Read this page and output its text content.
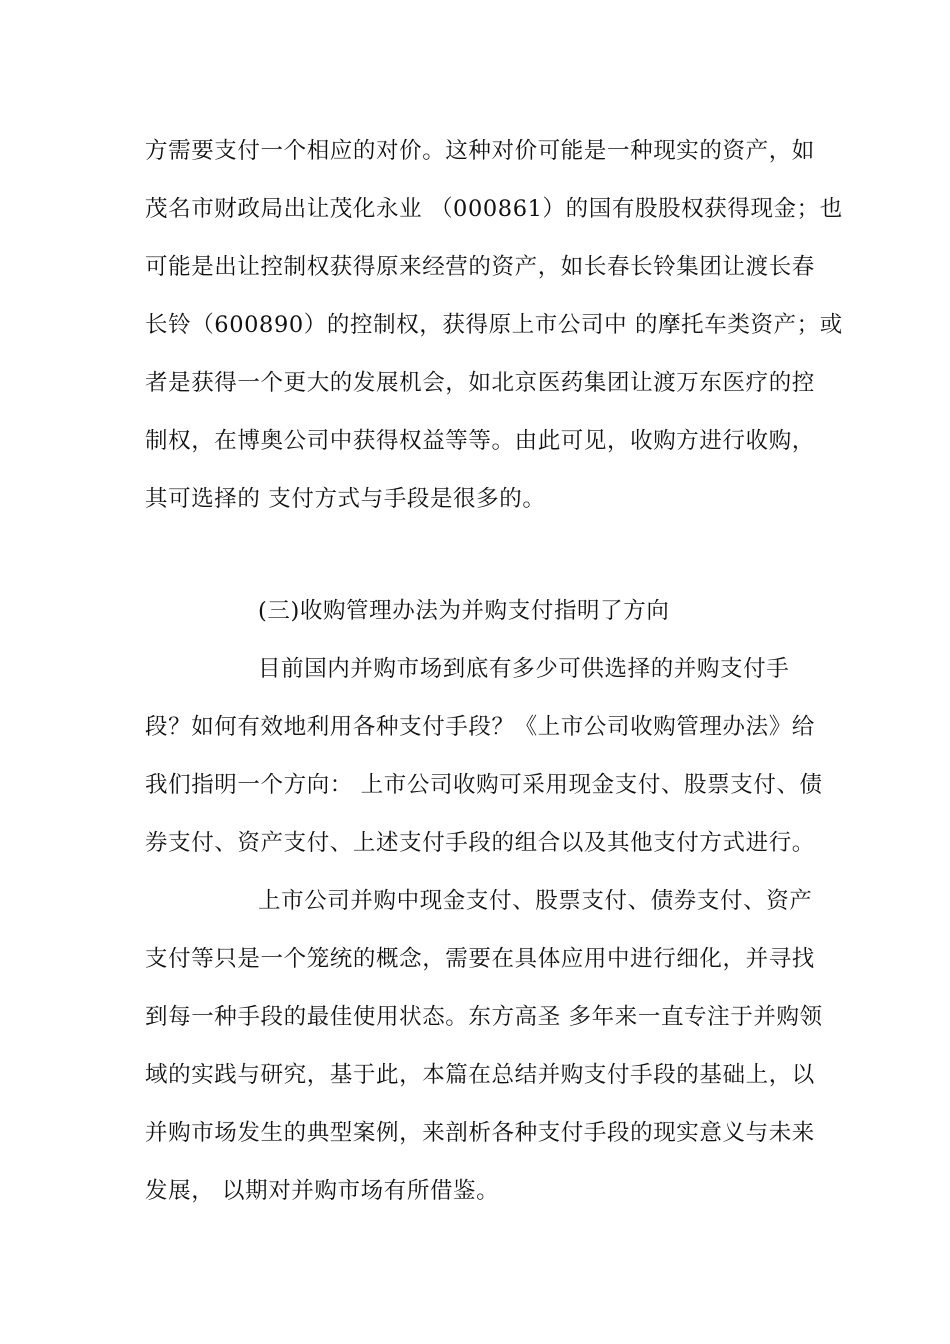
方需要支付一个相应的对价。这种对价可能是一种现实的资产，如
茂名市财政局出让茂化永业 （000861）的国有股股权获得现金；也
可能是出让控制权获得原来经营的资产，如长春长铃集团让渡长春
长铃（600890）的控制权，获得原上市公司中 的摩托车类资产；或
者是获得一个更大的发展机会，如北京医药集团让渡万东医疗的控
制权，在博奥公司中获得权益等等。由此可见，收购方进行收购，
其可选择的 支付方式与手段是很多的。
(三)收购管理办法为并购支付指明了方向
目前国内并购市场到底有多少可供选择的并购支付手
段？如何有效地利用各种支付手段？《上市公司收购管理办法》给
我们指明一个方向： 上市公司收购可采用现金支付、股票支付、债
券支付、资产支付、上述支付手段的组合以及其他支付方式进行。
上市公司并购中现金支付、股票支付、债券支付、资产
支付等只是一个笼统的概念，需要在具体应用中进行细化，并寻找
到每一种手段的最佳使用状态。东方高圣 多年来一直专注于并购领
域的实践与研究，基于此，本篇在总结并购支付手段的基础上，以
并购市场发生的典型案例，来剖析各种支付手段的现实意义与未来
发展， 以期对并购市场有所借鉴。
